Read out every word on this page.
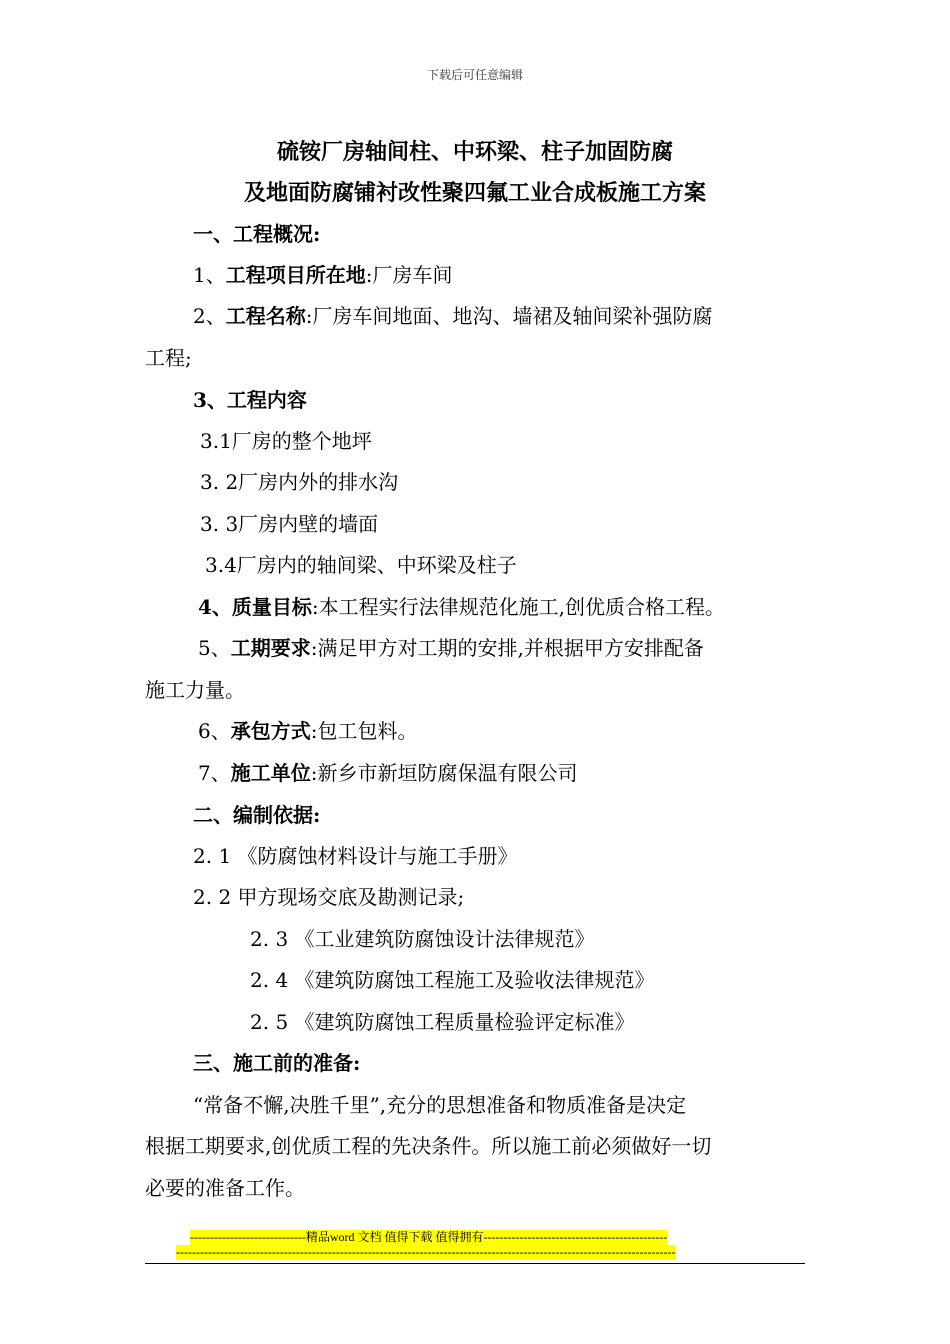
下载后可任意编辑
硫铵厂房轴间柱、中环梁、柱子加固防腐
及地面防腐铺衬改性聚四氟工业合成板施工方案
一、工程概况:
1、工程项目所在地:厂房车间
2、工程名称:厂房车间地面、地沟、墙裙及轴间梁补强防腐
工程;
3、工程内容
3.1厂房的整个地坪
3. 2厂房内外的排水沟
3. 3厂房内壁的墙面
3.4厂房内的轴间梁、中环梁及柱子
4、质量目标:本工程实行法律规范化施工,创优质合格工程。
5、工期要求:满足甲方对工期的安排,并根据甲方安排配备
施工力量。
6、承包方式:包工包料。
7、施工单位:新乡市新垣防腐保温有限公司
二、编制依据:
2. 1 《防腐蚀材料设计与施工手册》
2. 2 甲方现场交底及勘测记录;
2. 3 《工业建筑防腐蚀设计法律规范》
2. 4 《建筑防腐蚀工程施工及验收法律规范》
2. 5 《建筑防腐蚀工程质量检验评定标准》
三、施工前的准备:
“常备不懈,决胜千里”,充分的思想准备和物质准备是决定
根据工期要求,创优质工程的先决条件。所以施工前必须做好一切
必要的准备工作。
-----------------------------精品word 文档 值得下载 值得拥有----------------------------------------------
-----------------------------------------------------------------------------------------------------------------------------
